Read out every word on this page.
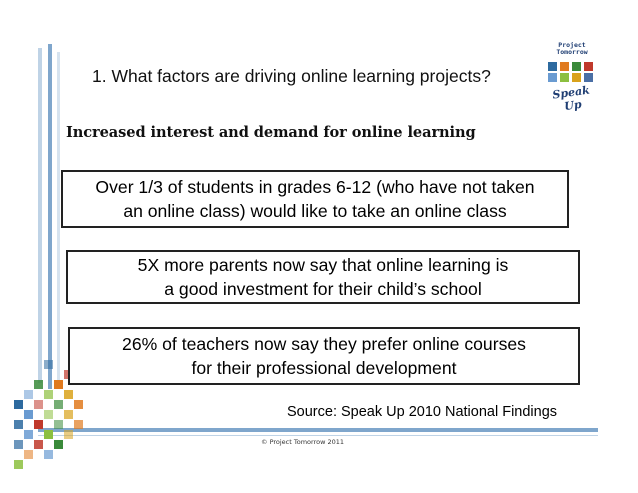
Project
Tomorrow
Speak Up
1. What factors are driving online learning projects?
Increased interest and demand for online learning
Over 1/3 of students in grades 6-12 (who have not taken
an online class) would like to take an online class
5X more parents now say that online learning is
a good investment for their child’s school
26% of teachers now say they prefer online courses
for their professional development
Source: Speak Up 2010 National Findings
© Project Tomorrow 2011
